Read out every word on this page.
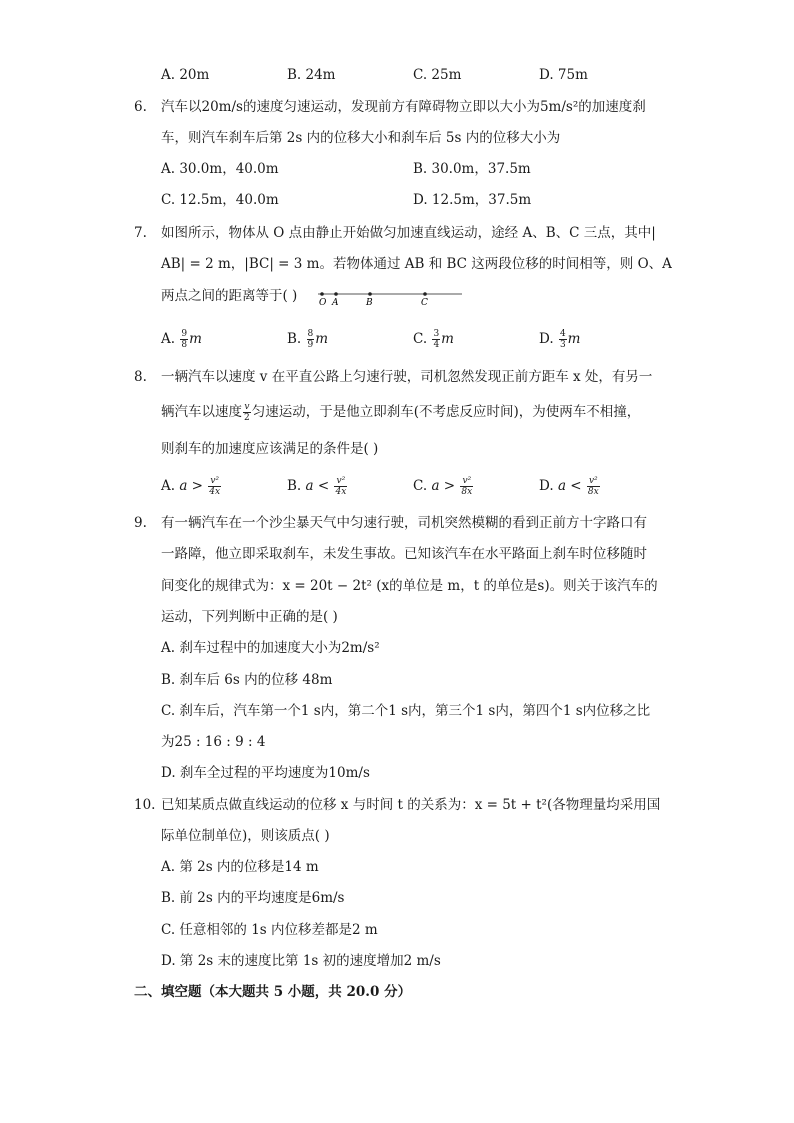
A. 20m	B. 24m	C. 25m	D. 75m
6. 汽车以20m/s的速度匀速运动，发现前方有障碍物立即以大小为5m/s²的加速度刹
车，则汽车刹车后第 2s 内的位移大小和刹车后 5s 内的位移大小为
A. 30.0m，40.0m	B. 30.0m，37.5m
C. 12.5m，40.0m	D. 12.5m，37.5m
7. 如图所示，物体从 O 点由静止开始做匀加速直线运动，途经 A、B、C 三点，其中|
AB| = 2 m，|BC| = 3 m。若物体通过 AB 和 BC 这两段位移的时间相等，则 O、A
两点之间的距离等于( ) O A	B	C
A. $\frac{9}{8}$ m	B. $\frac{8}{9}$ m	C. $\frac{3}{4}$ m	D. $\frac{4}{3}$ m
8. 一辆汽车以速度 v 在平直公路上匀速行驶，司机忽然发现正前方距车 x 处，有另一
辆汽车以速度 $\frac{v}{2}$ 匀速运动，于是他立即刹车(不考虑反应时间)，为使两车不相撞，
则刹车的加速度应该满足的条件是( )
A. $a > \frac{\text{v²}}{4x}$	B. $a < \frac{\text{v²}}{4x}$	C. $a > \frac{\text{v²}}{8x}$	D. $a < \frac{\text{v²}}{8x}$
9. 有一辆汽车在一个沙尘暴天气中匀速行驶，司机突然模糊的看到正前方十字路口有
一路障，他立即采取刹车，未发生事故。已知该汽车在水平路面上刹车时位移随时
间变化的规律式为：x = 20t − 2t² (x的单位是 m，t 的单位是s)。则关于该汽车的
运动，下列判断中正确的是( )
A. 刹车过程中的加速度大小为2m/s²
B. 刹车后 6s 内的位移 48m
C. 刹车后，汽车第一个1 s内，第二个1 s内，第三个1 s内，第四个1 s内位移之比
为25 : 16 : 9 : 4
D. 刹车全过程的平均速度为10m/s
10. 已知某质点做直线运动的位移 x 与时间 t 的关系为：x = 5t + t²(各物理量均采用国
际单位制单位)，则该质点( )
A. 第 2s 内的位移是14 m
B. 前 2s 内的平均速度是6m/s
C. 任意相邻的 1s 内位移差都是2 m
D. 第 2s 末的速度比第 1s 初的速度增加2 m/s
二、填空题（本大题共 5 小题，共 20.0 分）
